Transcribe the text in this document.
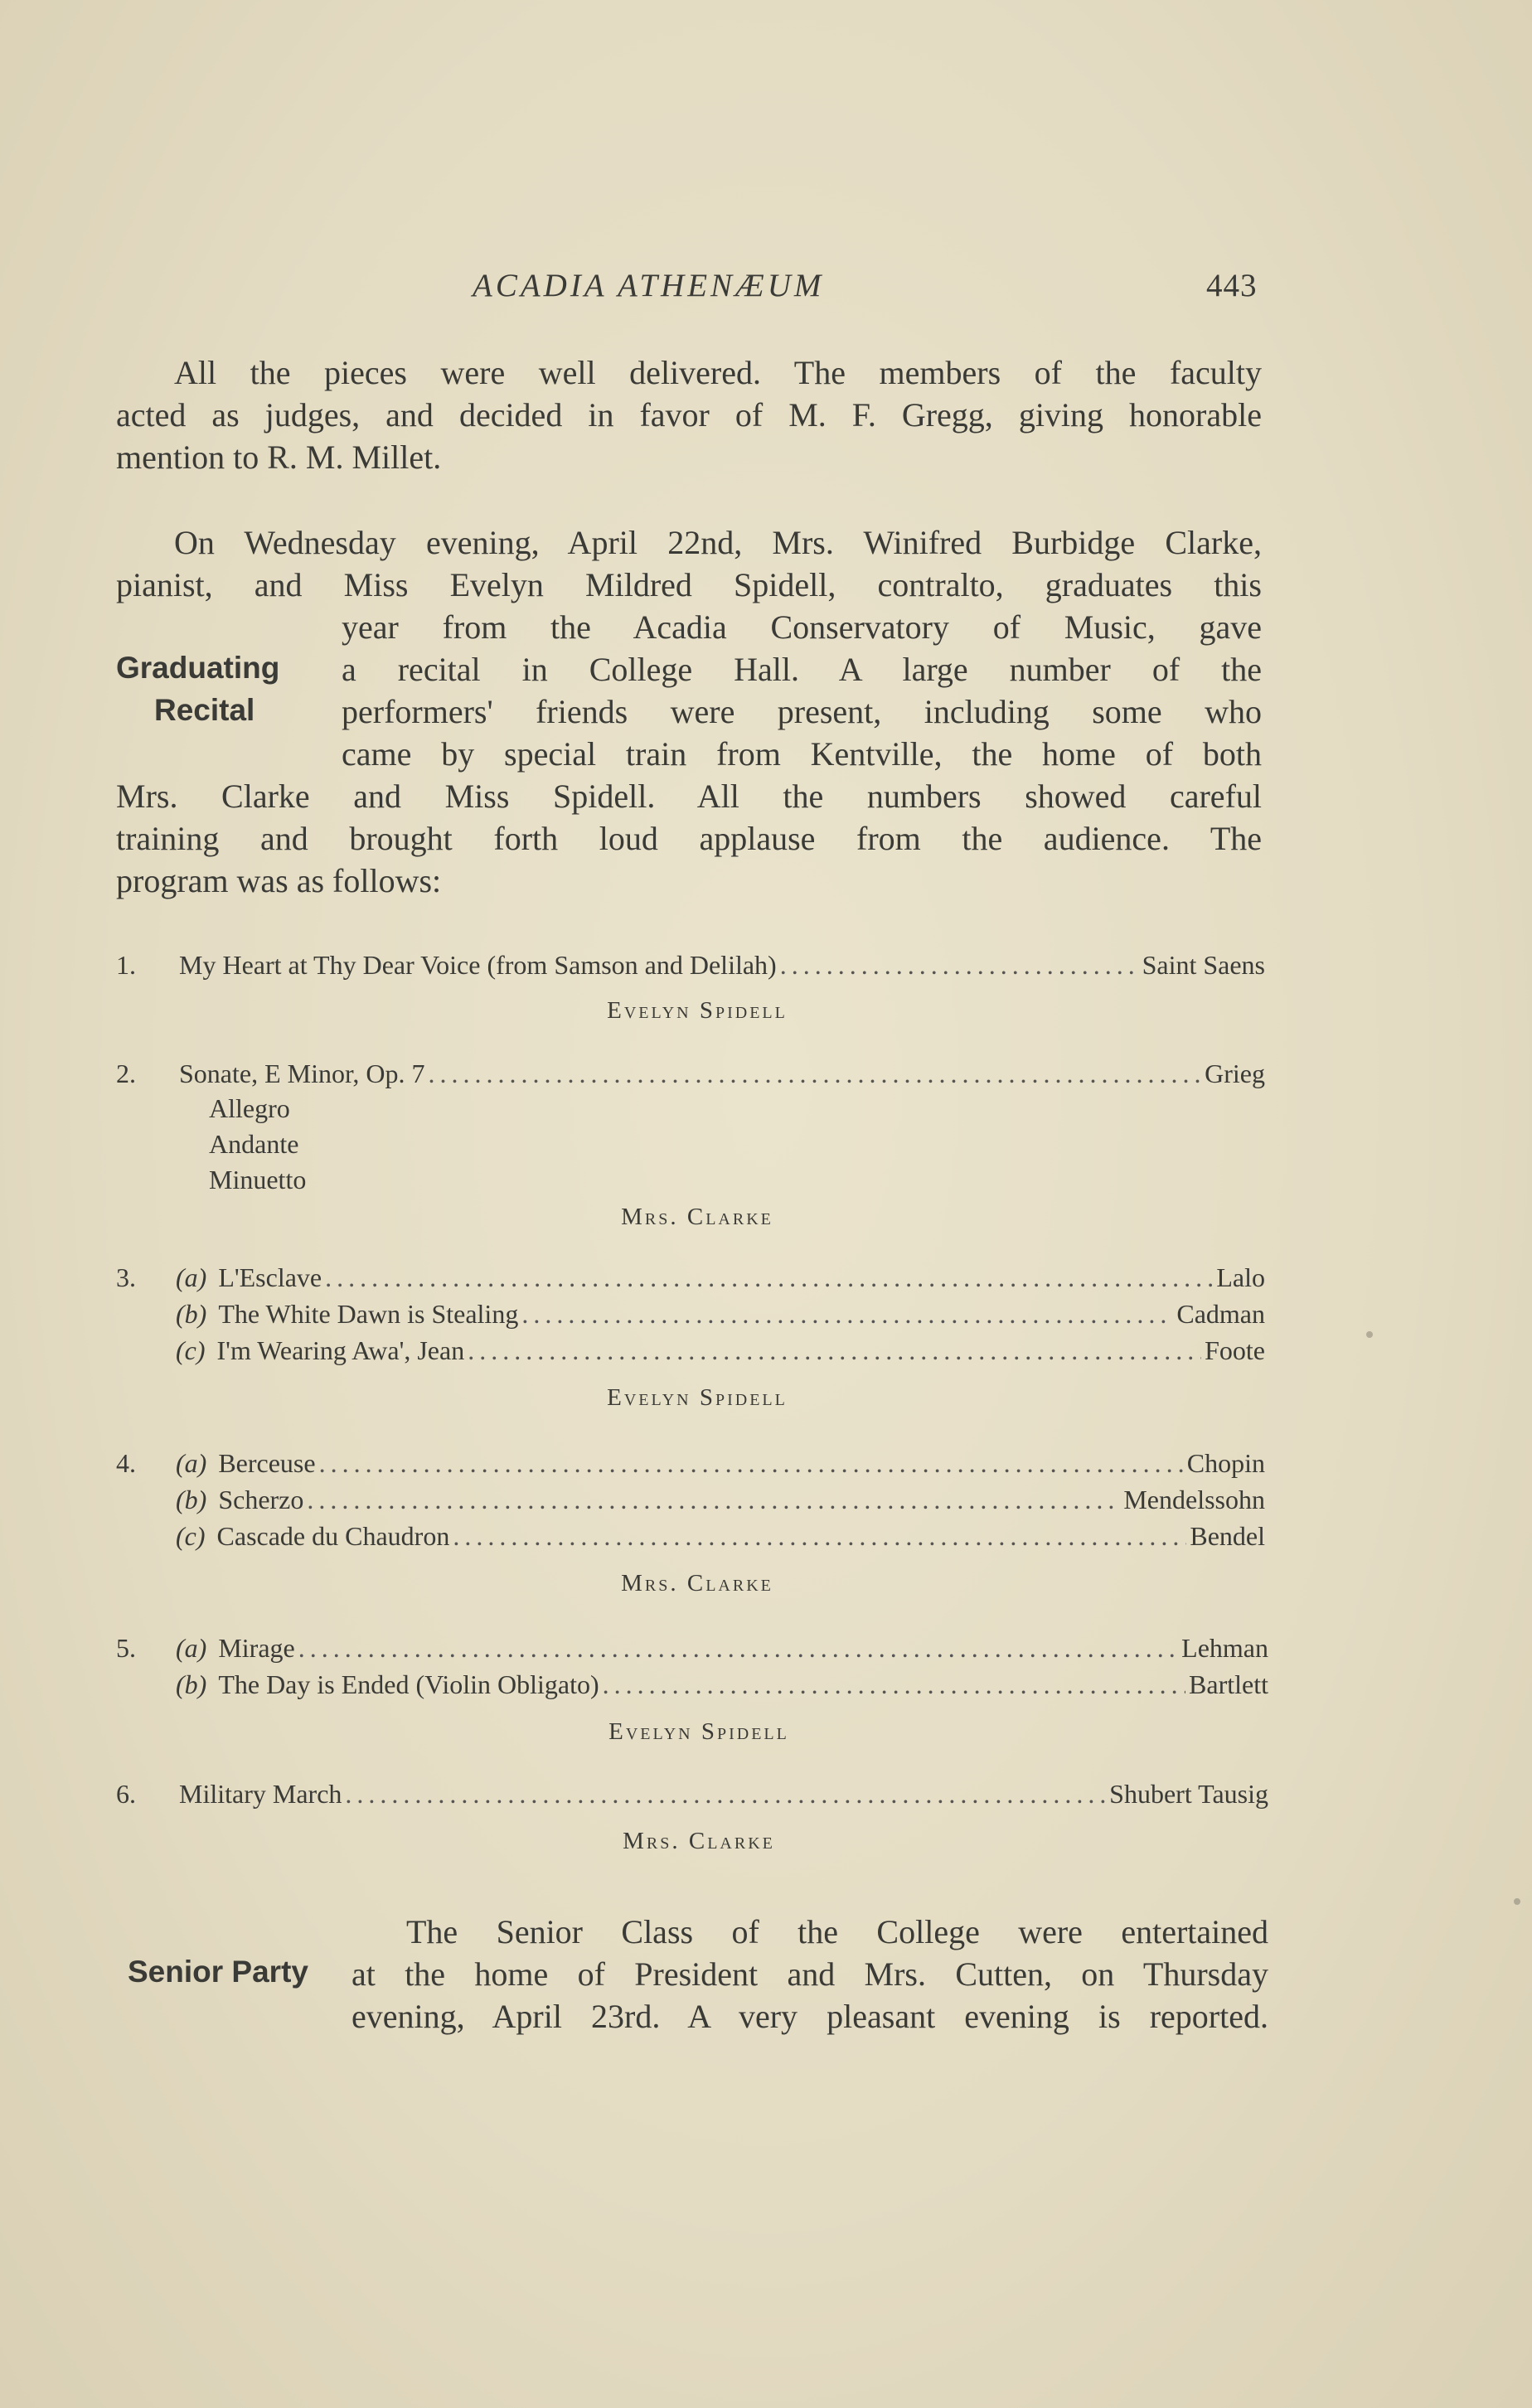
ACADIA ATHENÆUM	443
All the pieces were well delivered. The members of the faculty
acted as judges, and decided in favor of M. F. Gregg, giving honorable
mention to R. M. Millet.
On Wednesday evening, April 22nd, Mrs. Winifred Burbidge Clarke,
pianist, and Miss Evelyn Mildred Spidell, contralto, graduates this
year from the Acadia Conservatory of Music, gave
a recital in College Hall. A large number of the
performers' friends were present, including some who
came by special train from Kentville, the home of both
Mrs. Clarke and Miss Spidell. All the numbers showed careful
training and brought forth loud applause from the audience. The
program was as follows:
Graduating
Recital
1. My Heart at Thy Dear Voice (from Samson and Delilah) .....	Saint Saens
Evelyn Spidell
2. Sonate, E Minor, Op. 7 .....	Grieg
Allegro
Andante
Minuetto
Mrs. Clarke
3. (a) L'Esclave .....	Lalo
(b) The White Dawn is Stealing .....	Cadman
(c) I'm Wearing Awa', Jean .....	Foote
Evelyn Spidell
4. (a) Berceuse .....	Chopin
(b) Scherzo .....	Mendelssohn
(c) Cascade du Chaudron .....	Bendel
Mrs. Clarke
5. (a) Mirage .....	Lehman
(b) The Day is Ended (Violin Obligato) .....	Bartlett
Evelyn Spidell
6. Military March .....	Shubert Tausig
Mrs. Clarke
The Senior Class of the College were entertained
at the home of President and Mrs. Cutten, on Thursday
evening, April 23rd. A very pleasant evening is reported.
Senior Party
